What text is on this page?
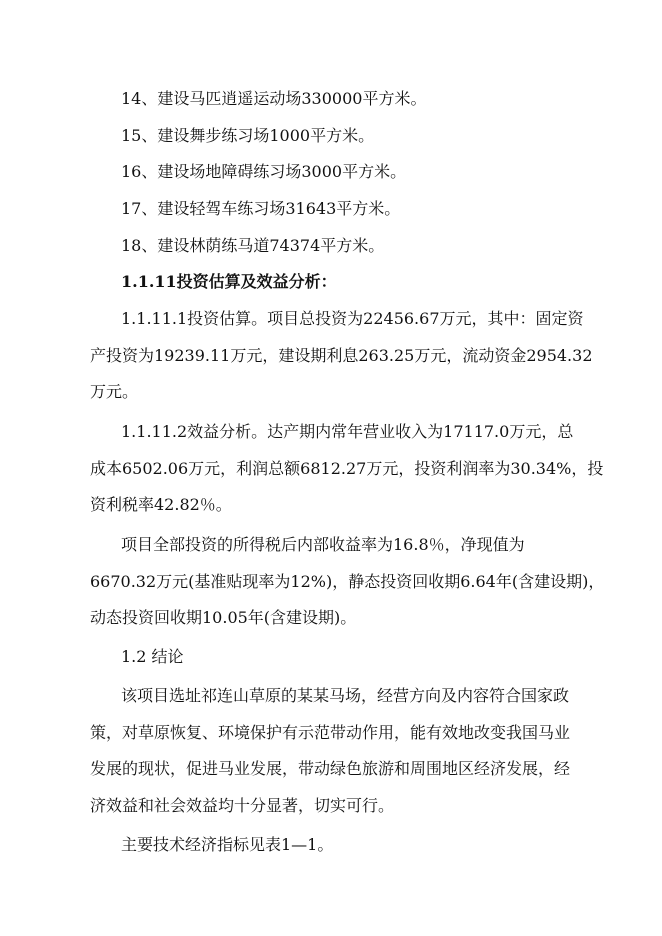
14、建设马匹逍遥运动场330000平方米。
15、建设舞步练习场1000平方米。
16、建设场地障碍练习场3000平方米。
17、建设轻驾车练习场31643平方米。
18、建设林荫练马道74374平方米。
1.1.11投资估算及效益分析：
1.1.11.1投资估算。项目总投资为22456.67万元，其中：固定资
产投资为19239.11万元，建设期利息263.25万元，流动资金2954.32
万元。
1.1.11.2效益分析。达产期内常年营业收入为17117.0万元，总
成本6502.06万元，利润总额6812.27万元，投资利润率为30.34%，投
资利税率42.82％。
项目全部投资的所得税后内部收益率为16.8％，净现值为
6670.32万元(基准贴现率为12%)，静态投资回收期6.64年(含建设期)，
动态投资回收期10.05年(含建设期)。
1.2 结论
该项目选址祁连山草原的某某马场，经营方向及内容符合国家政
策，对草原恢复、环境保护有示范带动作用，能有效地改变我国马业
发展的现状，促进马业发展，带动绿色旅游和周围地区经济发展，经
济效益和社会效益均十分显著，切实可行。
主要技术经济指标见表1—1。
